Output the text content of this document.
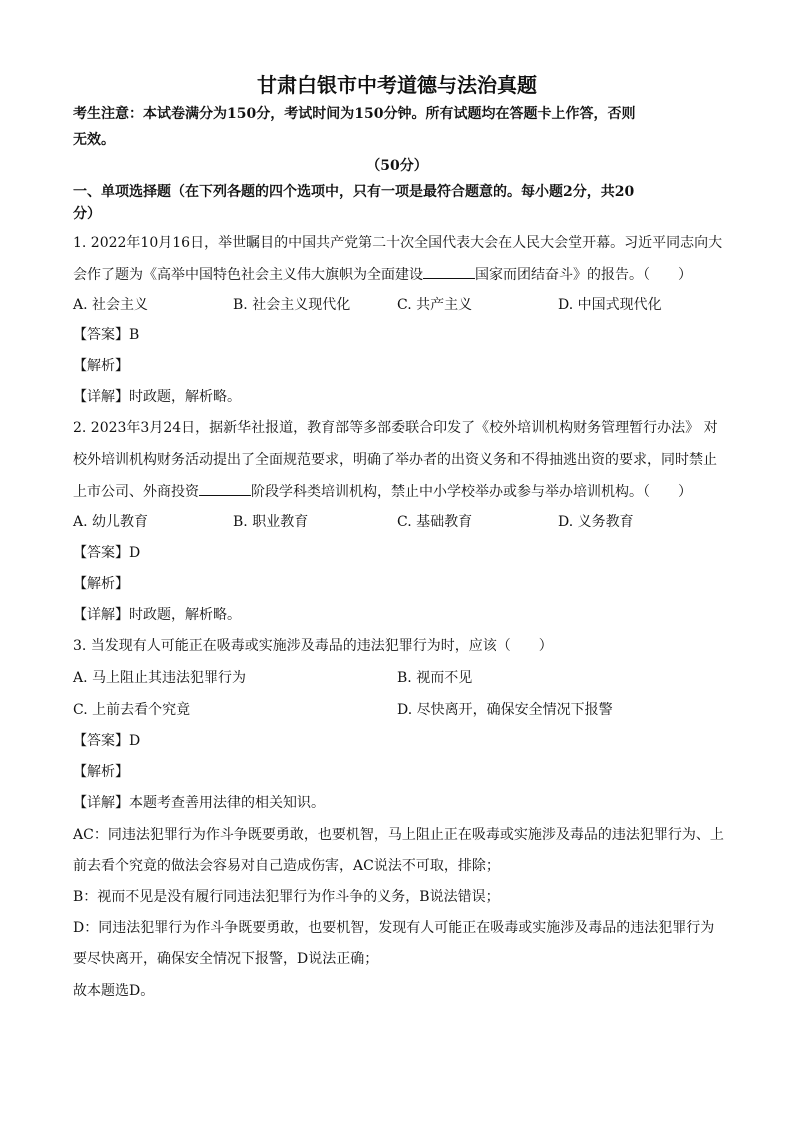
甘肃白银市中考道德与法治真题
考生注意：本试卷满分为150分，考试时间为150分钟。所有试题均在答题卡上作答，否则
无效。
（50分）
一、单项选择题（在下列各题的四个选项中，只有一项是最符合题意的。每小题2分，共20
分）
1. 2022年10月16日，举世瞩目的中国共产党第二十次全国代表大会在人民大会堂开幕。习近平同志向大
会作了题为《高举中国特色社会主义伟大旗帜为全面建设	国家而团结奋斗》的报告。（　　）
A. 社会主义	B. 社会主义现代化	C. 共产主义	D. 中国式现代化
【答案】B
【解析】
【详解】时政题，解析略。
2. 2023年3月24日，据新华社报道，教育部等多部委联合印发了《校外培训机构财务管理暂行办法》 对
校外培训机构财务活动提出了全面规范要求，明确了举办者的出资义务和不得抽逃出资的要求，同时禁止
上市公司、外商投资	阶段学科类培训机构，禁止中小学校举办或参与举办培训机构。（　　）
A. 幼儿教育	B. 职业教育	C. 基础教育	D. 义务教育
【答案】D
【解析】
【详解】时政题，解析略。
3. 当发现有人可能正在吸毒或实施涉及毒品的违法犯罪行为时，应该（　　）
A. 马上阻止其违法犯罪行为	B. 视而不见
C. 上前去看个究竟	D. 尽快离开，确保安全情况下报警
【答案】D
【解析】
【详解】本题考查善用法律的相关知识。
AC：同违法犯罪行为作斗争既要勇敢，也要机智，马上阻止正在吸毒或实施涉及毒品的违法犯罪行为、上
前去看个究竟的做法会容易对自己造成伤害，AC说法不可取，排除；
B：视而不见是没有履行同违法犯罪行为作斗争的义务，B说法错误；
D：同违法犯罪行为作斗争既要勇敢，也要机智，发现有人可能正在吸毒或实施涉及毒品的违法犯罪行为
要尽快离开，确保安全情况下报警，D说法正确；
故本题选D。
